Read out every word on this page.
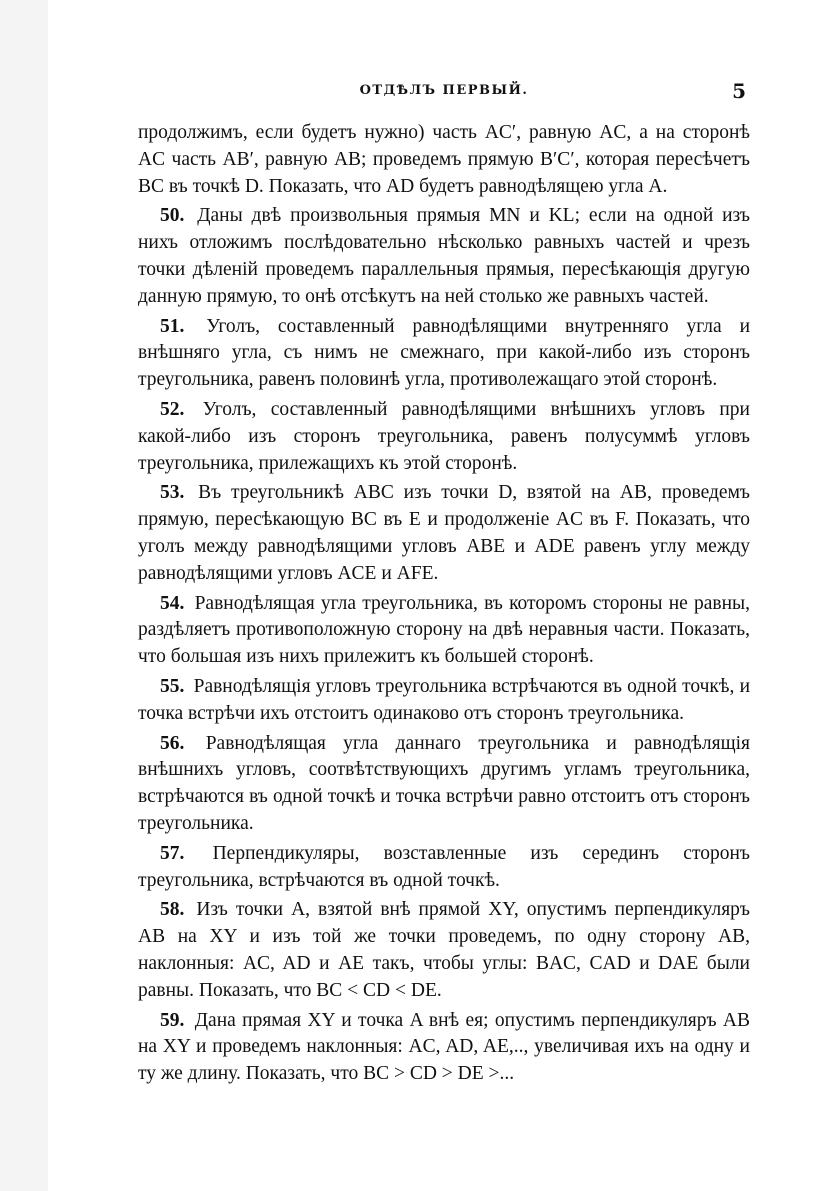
ОТДѢЛЪ ПЕРВЫЙ.	5

продолжимъ, если будетъ нужно) часть AC′, равную AC, а на сторонѣ AC часть AB′, равную AB; проведемъ прямую B′C′, которая пересѣчетъ BC въ точкѣ D. Показать, что AD будетъ равнодѣлящею угла A.

50. Даны двѣ произвольныя прямыя MN и KL; если на одной изъ нихъ отложимъ послѣдовательно нѣсколько равныхъ частей и чрезъ точки дѣленій проведемъ параллельныя прямыя, пересѣкающія другую данную прямую, то онѣ отсѣкутъ на ней столько же равныхъ частей.

51. Уголъ, составленный равнодѣлящими внутренняго угла и внѣшняго угла, съ нимъ не смежнаго, при какой-либо изъ сторонъ треугольника, равенъ половинѣ угла, противолежащаго этой сторонѣ.

52. Уголъ, составленный равнодѣлящими внѣшнихъ угловъ при какой-либо изъ сторонъ треугольника, равенъ полусуммѣ угловъ треугольника, прилежащихъ къ этой сторонѣ.

53. Въ треугольникѣ ABC изъ точки D, взятой на AB, проведемъ прямую, пересѣкающую BC въ E и продолженіе AC въ F. Показать, что уголъ между равнодѣлящими угловъ ABE и ADE равенъ углу между равнодѣлящими угловъ ACE и AFE.

54. Равнодѣлящая угла треугольника, въ которомъ стороны не равны, раздѣляетъ противоположную сторону на двѣ неравныя части. Показать, что большая изъ нихъ прилежитъ къ большей сторонѣ.

55. Равнодѣлящія угловъ треугольника встрѣчаются въ одной точкѣ, и точка встрѣчи ихъ отстоитъ одинаково отъ сторонъ треугольника.

56. Равнодѣлящая угла даннаго треугольника и равнодѣлящія внѣшнихъ угловъ, соотвѣтствующихъ другимъ угламъ треугольника, встрѣчаются въ одной точкѣ и точка встрѣчи равно отстоитъ отъ сторонъ треугольника.

57. Перпендикуляры, возставленные изъ серединъ сторонъ треугольника, встрѣчаются въ одной точкѣ.

58. Изъ точки A, взятой внѣ прямой XY, опустимъ перпендикуляръ AB на XY и изъ той же точки проведемъ, по одну сторону AB, наклонныя: AC, AD и AE такъ, чтобы углы: BAC, CAD и DAE были равны. Показать, что BC < CD < DE.

59. Дана прямая XY и точка A внѣ ея; опустимъ перпендикуляръ AB на XY и проведемъ наклонныя: AC, AD, AE,.., увеличивая ихъ на одну и ту же длину. Показать, что BC > CD > DE >...
